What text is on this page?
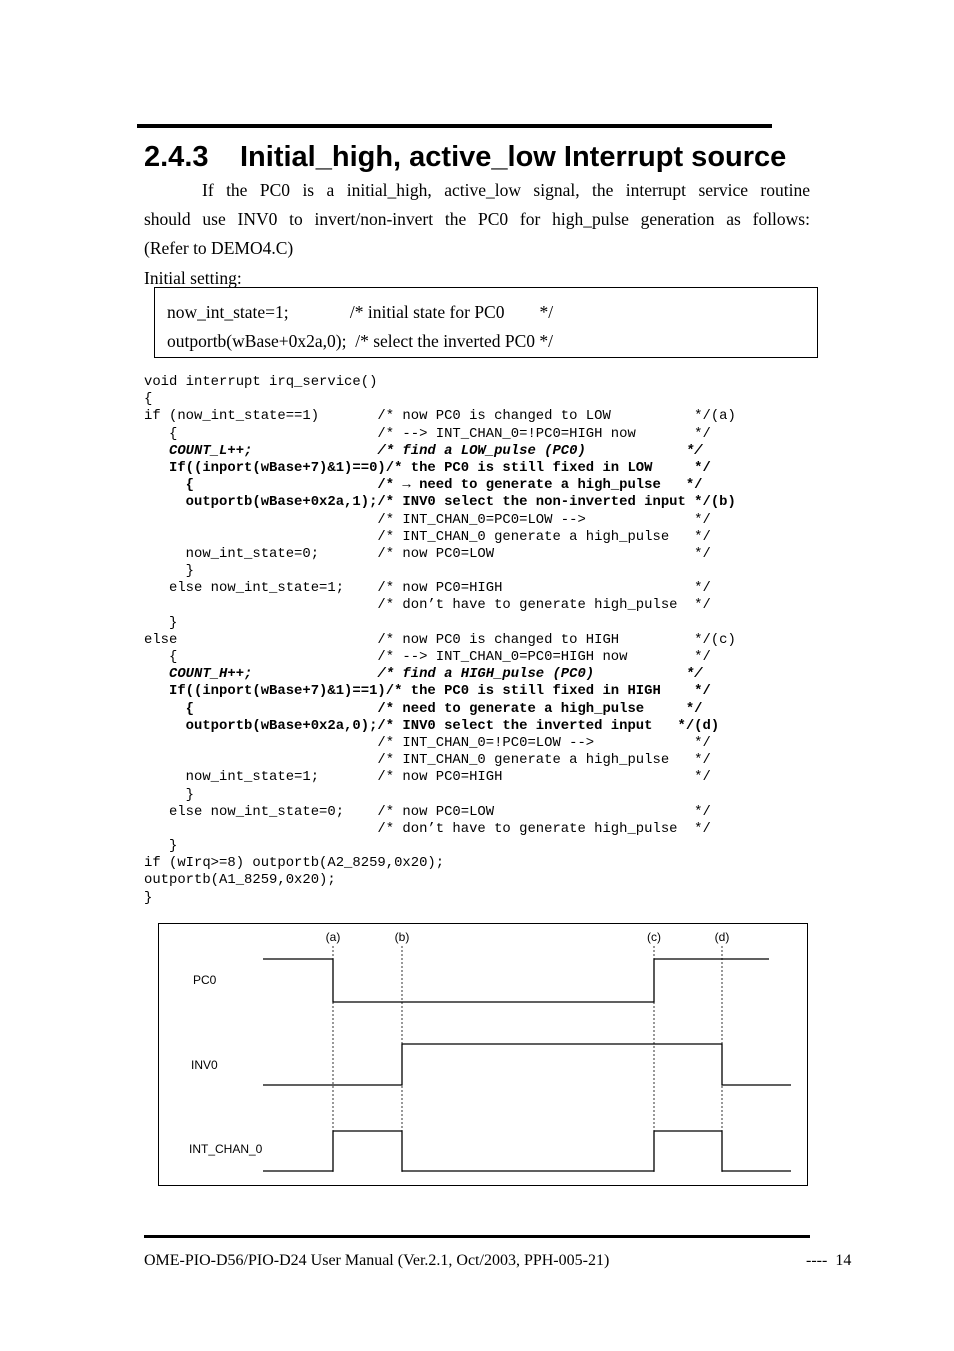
2.4.3 Initial_high, active_low Interrupt source
If the PC0 is a initial_high, active_low signal, the interrupt service routine
should use INV0 to invert/non-invert the PC0 for high_pulse generation as follows:
(Refer to DEMO4.C)
Initial setting:
now_int_state=1;              /* initial state for PC0        */
outportb(wBase+0x2a,0);  /* select the inverted PC0 */
void interrupt irq_service()
{
if (now_int_state==1)       /* now PC0 is changed to LOW          */(a)
{                        /* --> INT_CHAN_0=!PC0=HIGH now       */
COUNT_L++;               /* find a LOW_pulse (PC0)            */
If((inport(wBase+7)&1)==0)/* the PC0 is still fixed in LOW     */
{                      /* → need to generate a high_pulse   */
outportb(wBase+0x2a,1);/* INV0 select the non-inverted input */(b)
/* INT_CHAN_0=PC0=LOW -->             */
/* INT_CHAN_0 generate a high_pulse   */
now_int_state=0;       /* now PC0=LOW                        */
}
else now_int_state=1;    /* now PC0=HIGH                       */
/* don’t have to generate high_pulse  */
}
else                        /* now PC0 is changed to HIGH         */(c)
{                        /* --> INT_CHAN_0=PC0=HIGH now        */
COUNT_H++;               /* find a HIGH_pulse (PC0)           */
If((inport(wBase+7)&1)==1)/* the PC0 is still fixed in HIGH    */
{                      /* need to generate a high_pulse     */
outportb(wBase+0x2a,0);/* INV0 select the inverted input   */(d)
/* INT_CHAN_0=!PC0=LOW -->            */
/* INT_CHAN_0 generate a high_pulse   */
now_int_state=1;       /* now PC0=HIGH                       */
}
else now_int_state=0;    /* now PC0=LOW                        */
/* don’t have to generate high_pulse  */
}
if (wIrq>=8) outportb(A2_8259,0x20);
outportb(A1_8259,0x20);
}
(a)	(b)	(c)	(d)
PC0
INV0
INT_CHAN_0
OME-PIO-D56/PIO-D24 User Manual (Ver.2.1, Oct/2003, PPH-005-21)	----  14
